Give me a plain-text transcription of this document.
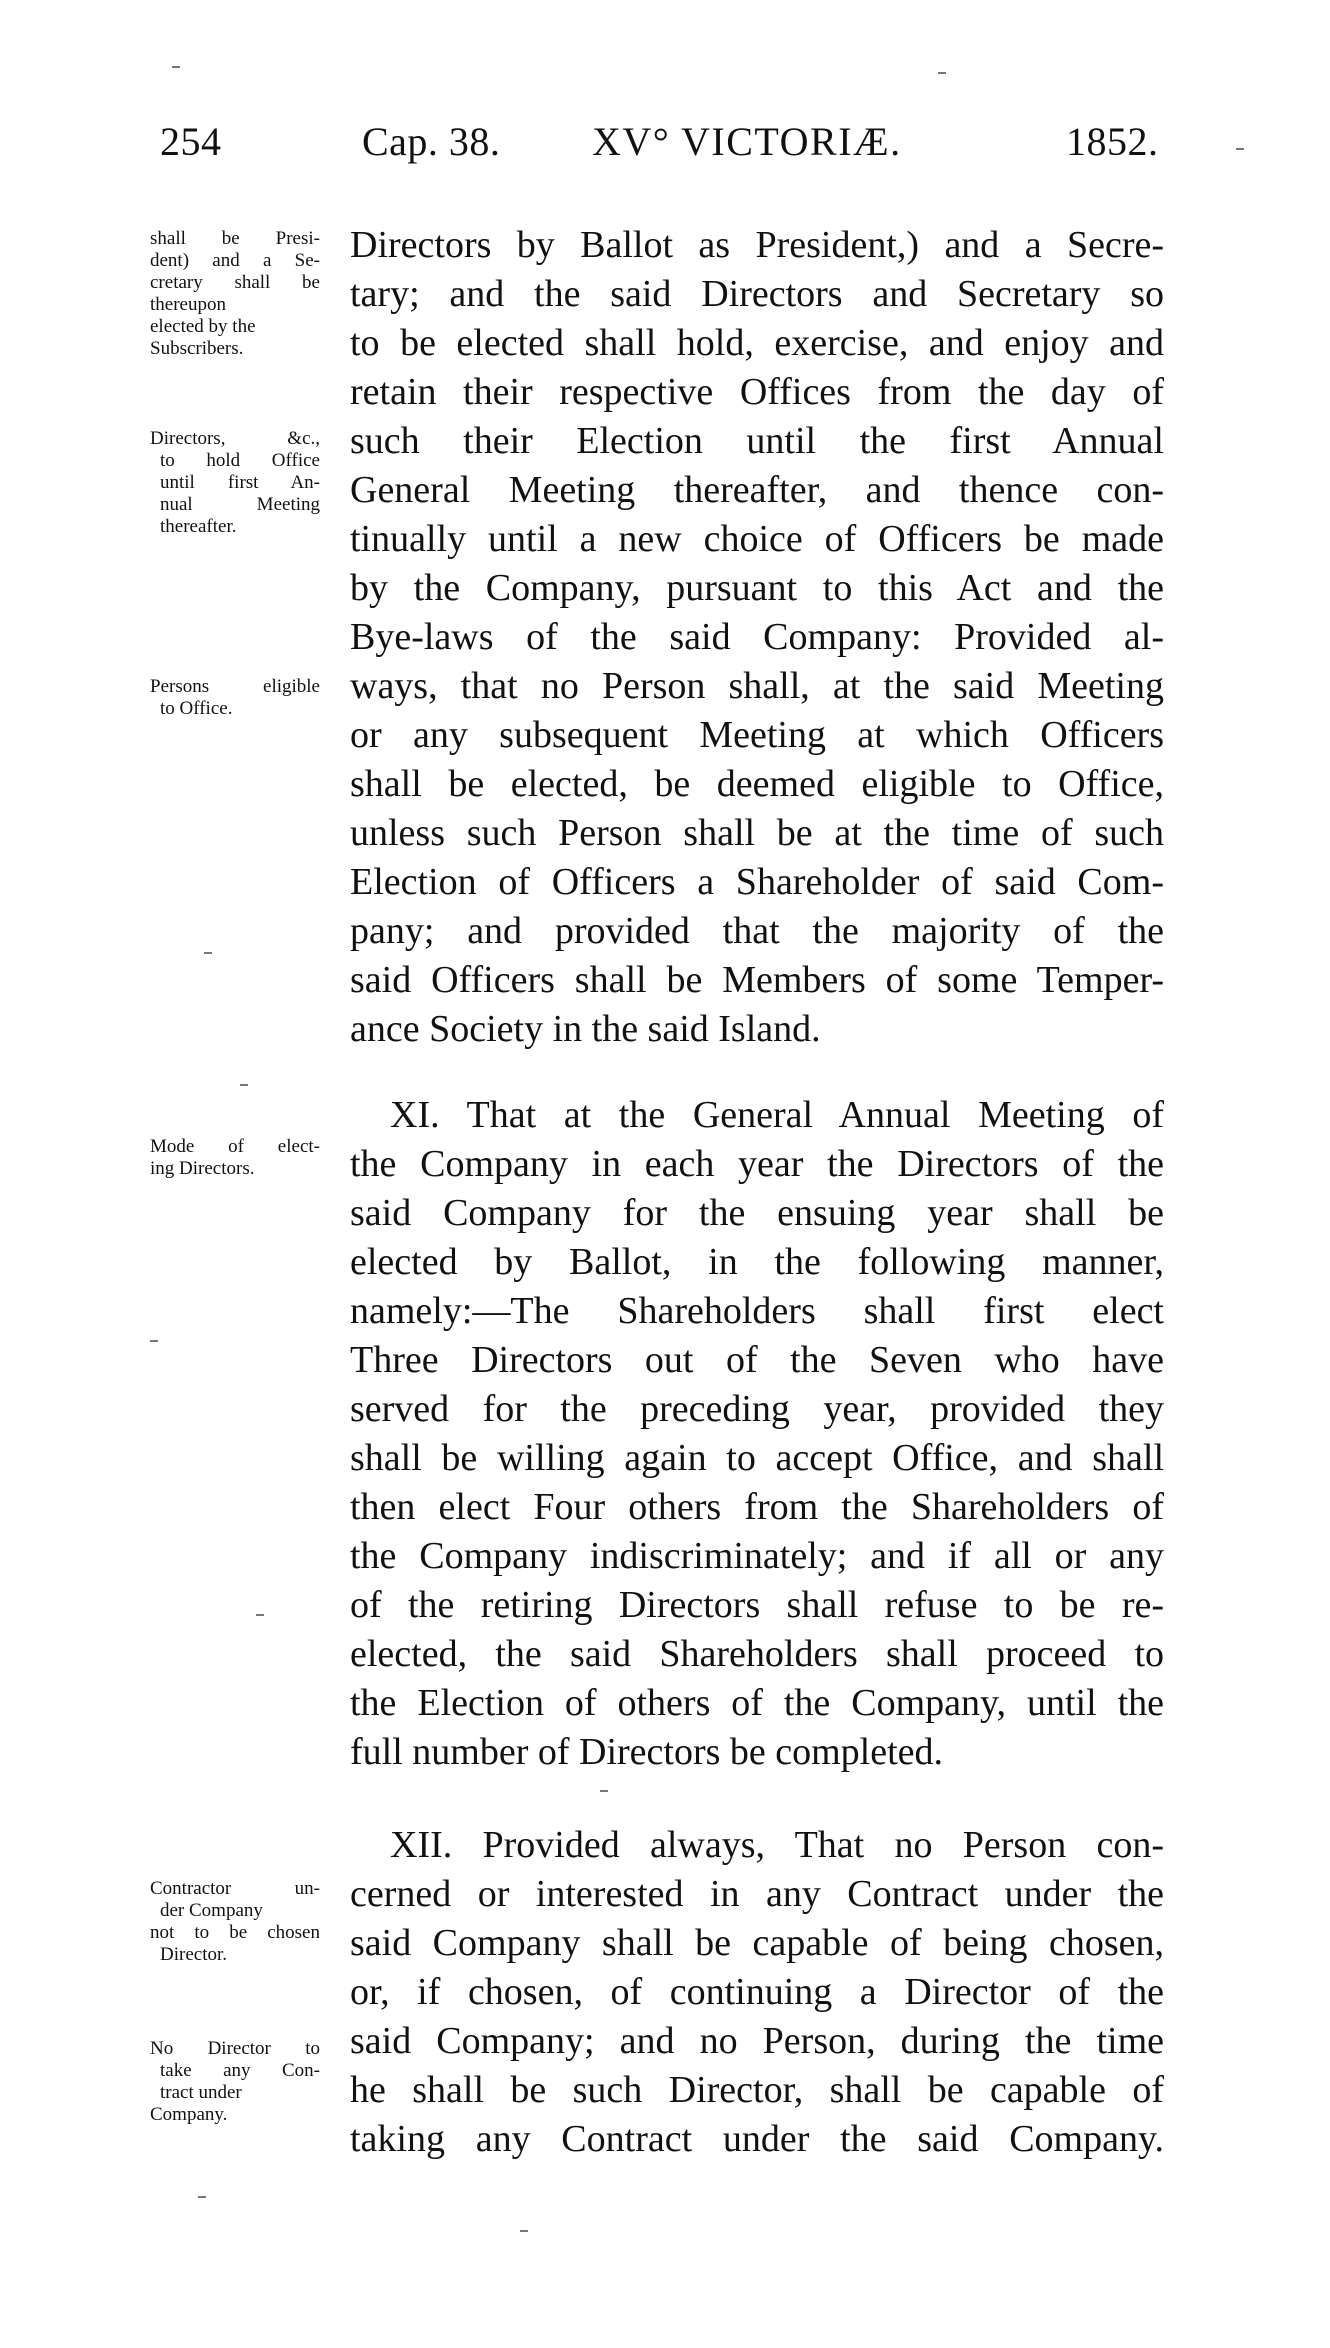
254	Cap. 38. XV° VICTORIÆ.	1852.
shall be Presi-
dent) and a Se-
cretary shall be
thereupon
elected by the
Subscribers.
Directors, &c.,
to hold Office
until first An-
nual Meeting
thereafter.
Persons eligible
to Office.
Mode of elect-
ing Directors.
Contractor un-
der Company
not to be chosen
Director.
No Director to
take any Con-
tract under
Company.
Directors by Ballot as President,) and a Secre-
tary; and the said Directors and Secretary so
to be elected shall hold, exercise, and enjoy and
retain their respective Offices from the day of
such their Election until the first Annual
General Meeting thereafter, and thence con-
tinually until a new choice of Officers be made
by the Company, pursuant to this Act and the
Bye-laws of the said Company: Provided al-
ways, that no Person shall, at the said Meeting
or any subsequent Meeting at which Officers
shall be elected, be deemed eligible to Office,
unless such Person shall be at the time of such
Election of Officers a Shareholder of said Com-
pany; and provided that the majority of the
said Officers shall be Members of some Temper-
ance Society in the said Island.
XI. That at the General Annual Meeting of
the Company in each year the Directors of the
said Company for the ensuing year shall be
elected by Ballot, in the following manner,
namely:—The Shareholders shall first elect
Three Directors out of the Seven who have
served for the preceding year, provided they
shall be willing again to accept Office, and shall
then elect Four others from the Shareholders of
the Company indiscriminately; and if all or any
of the retiring Directors shall refuse to be re-
elected, the said Shareholders shall proceed to
the Election of others of the Company, until the
full number of Directors be completed.
XII. Provided always, That no Person con-
cerned or interested in any Contract under the
said Company shall be capable of being chosen,
or, if chosen, of continuing a Director of the
said Company; and no Person, during the time
he shall be such Director, shall be capable of
taking any Contract under the said Company.
